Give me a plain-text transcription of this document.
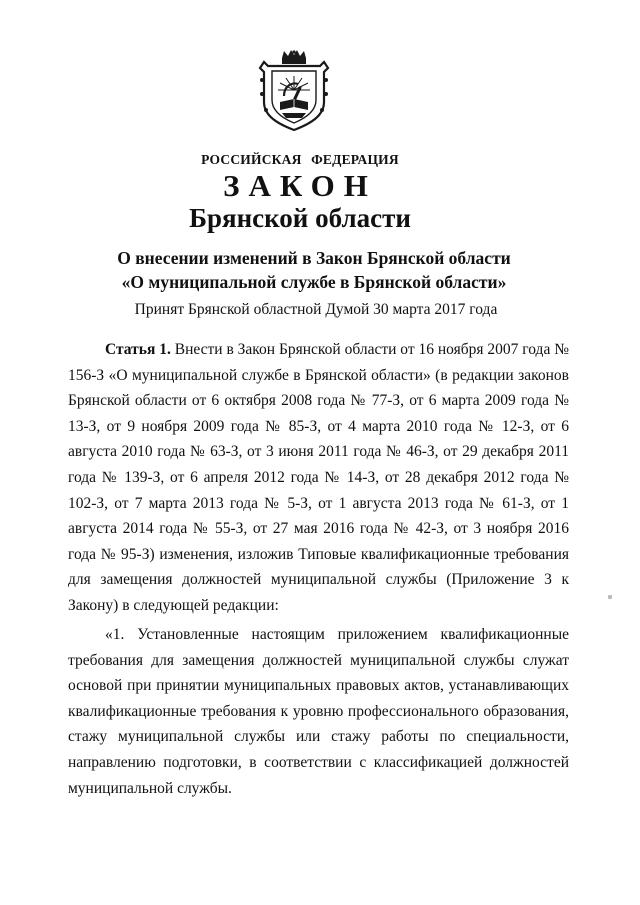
РОССИЙСКАЯ ФЕДЕРАЦИЯ

ЗАКОН

Брянской области

О внесении изменений в Закон Брянской области
«О муниципальной службе в Брянской области»

Принят Брянской областной Думой 30 марта 2017 года

Статья 1. Внести в Закон Брянской области от 16 ноября 2007 года № 156-З «О муниципальной службе в Брянской области» (в редакции законов Брянской области от 6 октября 2008 года № 77-З, от 6 марта 2009 года № 13-З, от 9 ноября 2009 года № 85-З, от 4 марта 2010 года № 12-З, от 6 августа 2010 года № 63-З, от 3 июня 2011 года № 46-З, от 29 декабря 2011 года № 139-З, от 6 апреля 2012 года № 14-З, от 28 декабря 2012 года № 102-З, от 7 марта 2013 года № 5-З, от 1 августа 2013 года № 61-З, от 1 августа 2014 года № 55-З, от 27 мая 2016 года № 42-З, от 3 ноября 2016 года № 95-З) изменения, изложив Типовые квалификационные требования для замещения должностей муниципальной службы (Приложение 3 к Закону) в следующей редакции:

«1. Установленные настоящим приложением квалификационные требования для замещения должностей муниципальной службы служат основой при принятии муниципальных правовых актов, устанавливающих квалификационные требования к уровню профессионального образования, стажу муниципальной службы или стажу работы по специальности, направлению подготовки, в соответствии с классификацией должностей муниципальной службы.
